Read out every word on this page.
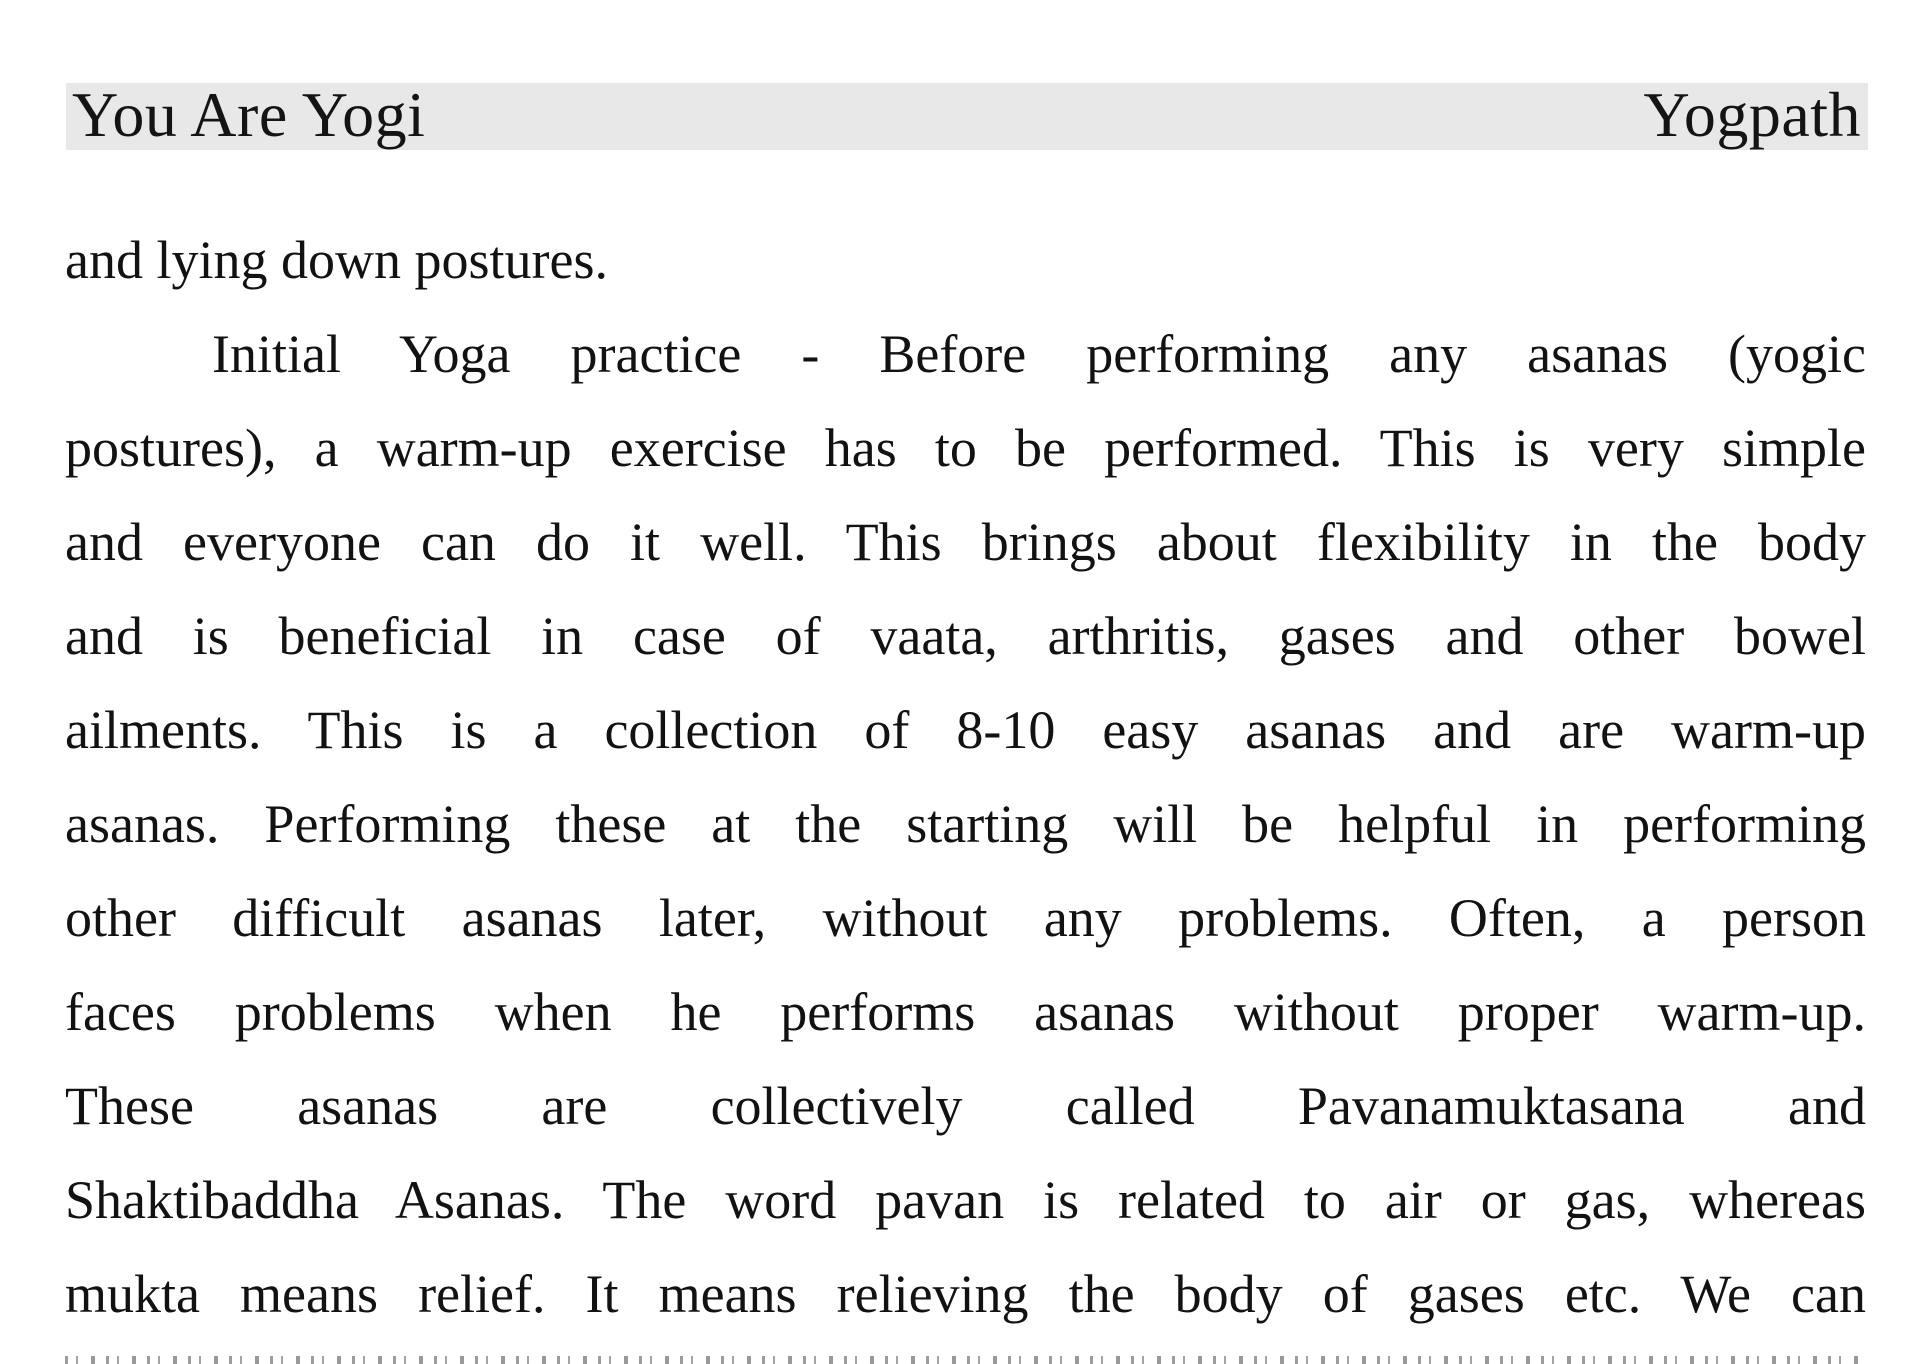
You Are Yogi	Yogpath
and lying down postures.
Initial Yoga practice - Before performing any asanas (yogic
postures), a warm-up exercise has to be performed. This is very simple
and everyone can do it well. This brings about flexibility in the body
and is beneficial in case of vaata, arthritis, gases and other bowel
ailments. This is a collection of 8-10 easy asanas and are warm-up
asanas. Performing these at the starting will be helpful in performing
other difficult asanas later, without any problems. Often, a person
faces problems when he performs asanas without proper warm-up.
These asanas are collectively called Pavanamuktasana and
Shaktibaddha Asanas. The word pavan is related to air or gas, whereas
mukta means relief. It means relieving the body of gases etc. We can
